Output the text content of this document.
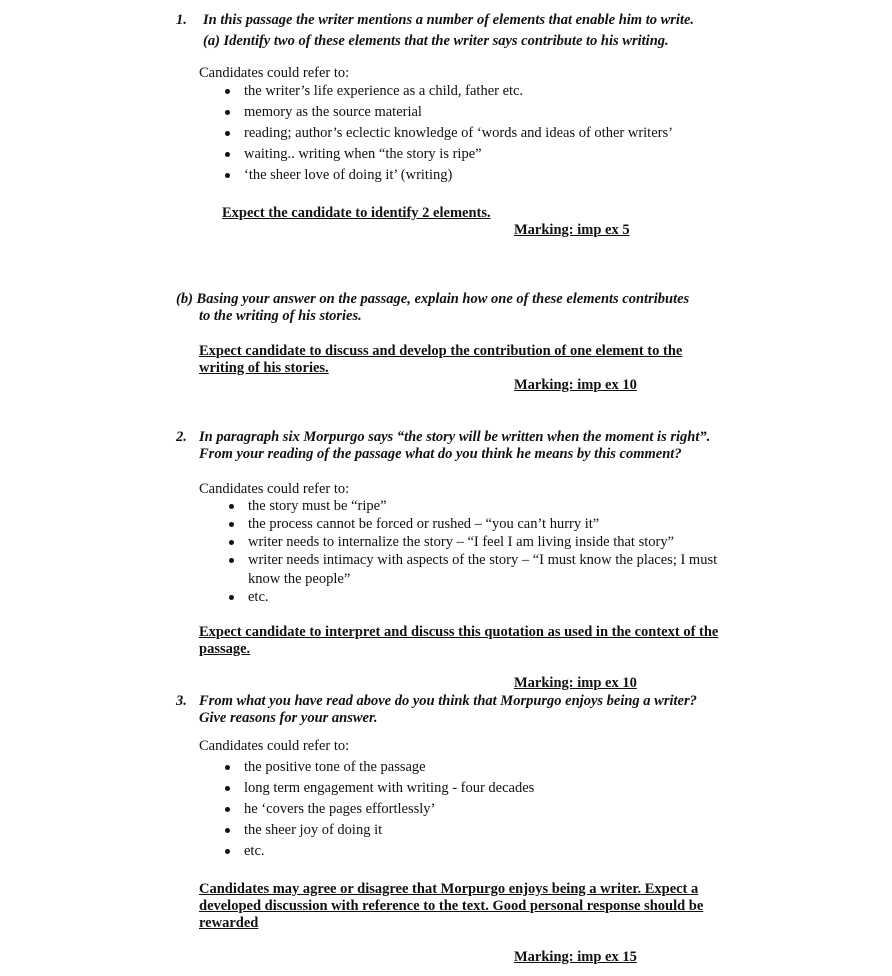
1. In this passage the writer mentions a number of elements that enable him to write.
(a) Identify two of these elements that the writer says contribute to his writing.
Candidates could refer to:
the writer’s life experience as a child, father etc.
memory as the source material
reading; author’s eclectic knowledge of ‘words and ideas of other writers’
waiting.. writing when “the story is ripe”
‘the sheer love of doing it’ (writing)
Expect the candidate to identify 2 elements.
Marking: imp ex 5
(b) Basing your answer on the passage, explain how one of these elements contributes
to the writing of his stories.
Expect candidate to discuss and develop the contribution of one element to the
writing of his stories.
Marking: imp ex 10
2. In paragraph six Morpurgo says “the story will be written when the moment is right”.
From your reading of the passage what do you think he means by this comment?
Candidates could refer to:
the story must be “ripe”
the process cannot be forced or rushed – “you can’t hurry it”
writer needs to internalize the story – “I feel I am living inside that story”
writer needs intimacy with aspects of the story – “I must know the places; I must
know the people”
etc.
Expect candidate to interpret and discuss this quotation as used in the context of the
passage.
Marking: imp ex 10
3. From what you have read above do you think that Morpurgo enjoys being a writer?
Give reasons for your answer.
Candidates could refer to:
the positive tone of the passage
long term engagement with writing - four decades
he ‘covers the pages effortlessly’
the sheer joy of doing it
etc.
Candidates may agree or disagree that Morpurgo enjoys being a writer. Expect a
developed discussion with reference to the text. Good personal response should be
rewarded
Marking: imp ex 15
